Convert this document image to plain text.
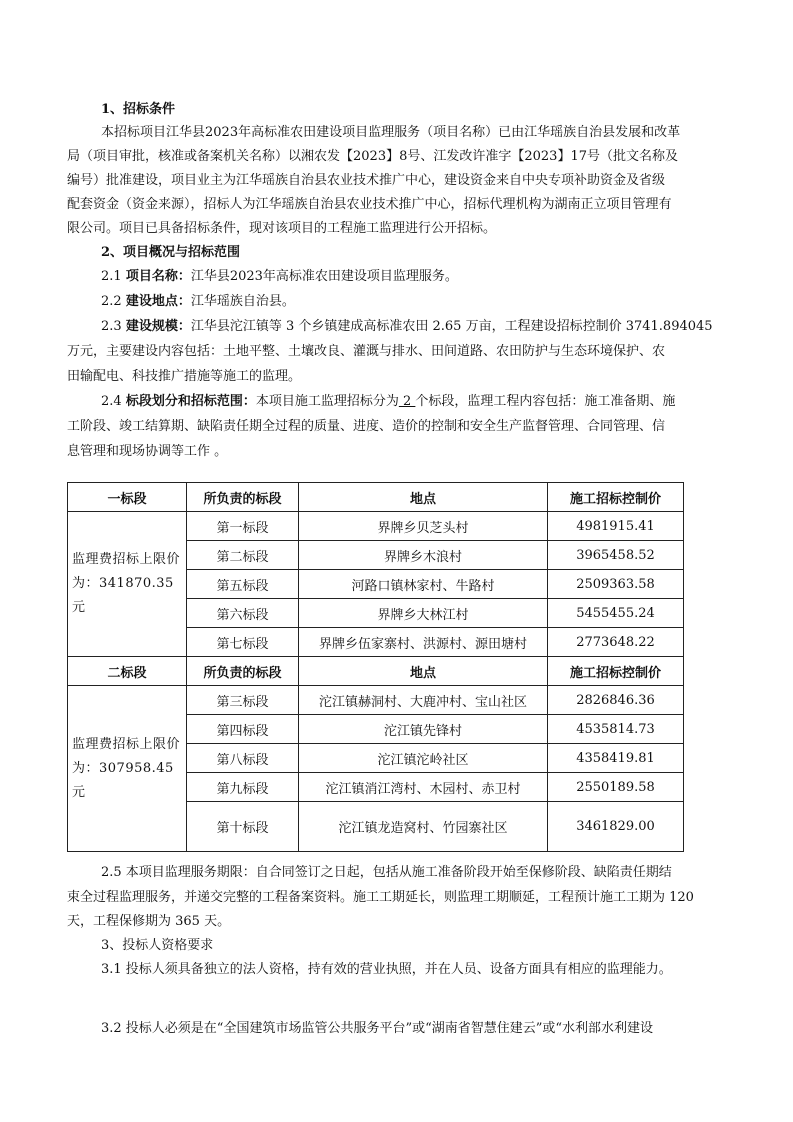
1、招标条件
本招标项目江华县2023年高标准农田建设项目监理服务（项目名称）已由江华瑶族自治县发展和改革
局（项目审批，核准或备案机关名称）以湘农发【2023】8号、江发改许准字【2023】17号（批文名称及
编号）批准建设，项目业主为江华瑶族自治县农业技术推广中心，建设资金来自中央专项补助资金及省级
配套资金（资金来源），招标人为江华瑶族自治县农业技术推广中心，招标代理机构为湖南正立项目管理有
限公司。项目已具备招标条件，现对该项目的工程施工监理进行公开招标。
2、项目概况与招标范围
2.1 项目名称：江华县2023年高标准农田建设项目监理服务。
2.2 建设地点：江华瑶族自治县。
2.3 建设规模：江华县沱江镇等 3 个乡镇建成高标准农田 2.65 万亩，工程建设招标控制价 3741.894045
万元，主要建设内容包括：土地平整、土壤改良、灌溉与排水、田间道路、农田防护与生态环境保护、农
田输配电、科技推广措施等施工的监理。
2.4 标段划分和招标范围：本项目施工监理招标分为 2 个标段，监理工程内容包括：施工准备期、施
工阶段、竣工结算期、缺陷责任期全过程的质量、进度、造价的控制和安全生产监督管理、合同管理、信
息管理和现场协调等工作 。
一标段	所负责的标段	地点	施工招标控制价
监理费招标上限价为：341870.35元	第一标段	界牌乡贝芝头村	4981915.41
	第二标段	界牌乡木浪村	3965458.52
	第五标段	河路口镇林家村、牛路村	2509363.58
	第六标段	界牌乡大林江村	5455455.24
	第七标段	界牌乡伍家寨村、洪源村、源田塘村	2773648.22
二标段	所负责的标段	地点	施工招标控制价
监理费招标上限价为：307958.45元	第三标段	沱江镇赫洞村、大鹿冲村、宝山社区	2826846.36
	第四标段	沱江镇先锋村	4535814.73
	第八标段	沱江镇沱岭社区	4358419.81
	第九标段	沱江镇消江湾村、木园村、赤卫村	2550189.58
	第十标段	沱江镇龙造窝村、竹园寨社区	3461829.00
2.5 本项目监理服务期限：自合同签订之日起，包括从施工准备阶段开始至保修阶段、缺陷责任期结
束全过程监理服务，并递交完整的工程备案资料。施工工期延长，则监理工期顺延，工程预计施工工期为 120
天，工程保修期为 365 天。
3、投标人资格要求
3.1 投标人须具备独立的法人资格，持有效的营业执照，并在人员、设备方面具有相应的监理能力。
3.2 投标人必须是在“全国建筑市场监管公共服务平台”或“湖南省智慧住建云”或“水利部水利建设
